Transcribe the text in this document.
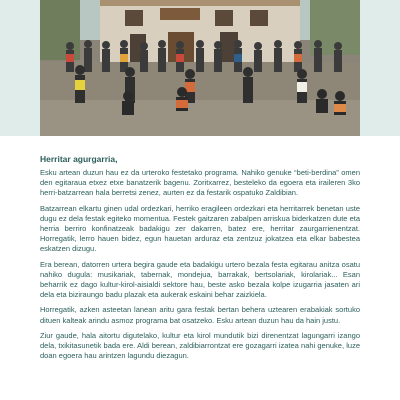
Herritar agurgarria,

Esku artean duzun hau ez da urteroko festetako programa. Nahiko genuke “beti-berdina” omen den egitaraua etxez etxe banatzerik bagenu. Zoritxarrez, besteleko da egoera eta iraileren 3ko herri-batzarrean hala berretsi zenez, aurten ez da festarik ospatuko Zaldibian.

Batzarrean elkartu ginen udal ordezkari, herriko eragileen ordezkari eta herritarrek benetan uste dugu ez dela festak egiteko momentua. Festek gaitzaren zabalpen arriskua biderkatzen dute eta herria berriro konfinatzeak badakigu zer dakarren, batez ere, herritar zaurgarrienentzat. Horregatik, lerro hauen bidez, egun hauetan arduraz eta zentzuz jokatzea eta elkar babestea eskatzen dizugu.

Era berean, datorren urtera begira gaude eta badakigu urtero bezala festa egitarau anitza osatu nahiko dugula: musikariak, tabernak, mondejua, barrakak, bertsolariak, kirolariak... Esan beharrik ez dago kultur-kirol-aisialdi sektore hau, beste asko bezala kolpe izugarria jasaten ari dela eta biziraungo badu plazak eta aukerak eskaini behar zaizkiela.

Horregatik, azken asteetan lanean aritu gara festak bertan behera uztearen erabakiak sortuko dituen kalteak arindu asmoz programa bat osatzeko. Esku artean duzun hau da hain justu.

Ziur gaude, hala aitortu digutelako, kultur eta kirol mundutik bizi direnentzat lagungarri izango dela, txikitasunetik bada ere. Aldi berean, zaldibiarrontzat ere gozagarri izatea nahi genuke, luze doan egoera hau arintzen lagundu diezagun.
